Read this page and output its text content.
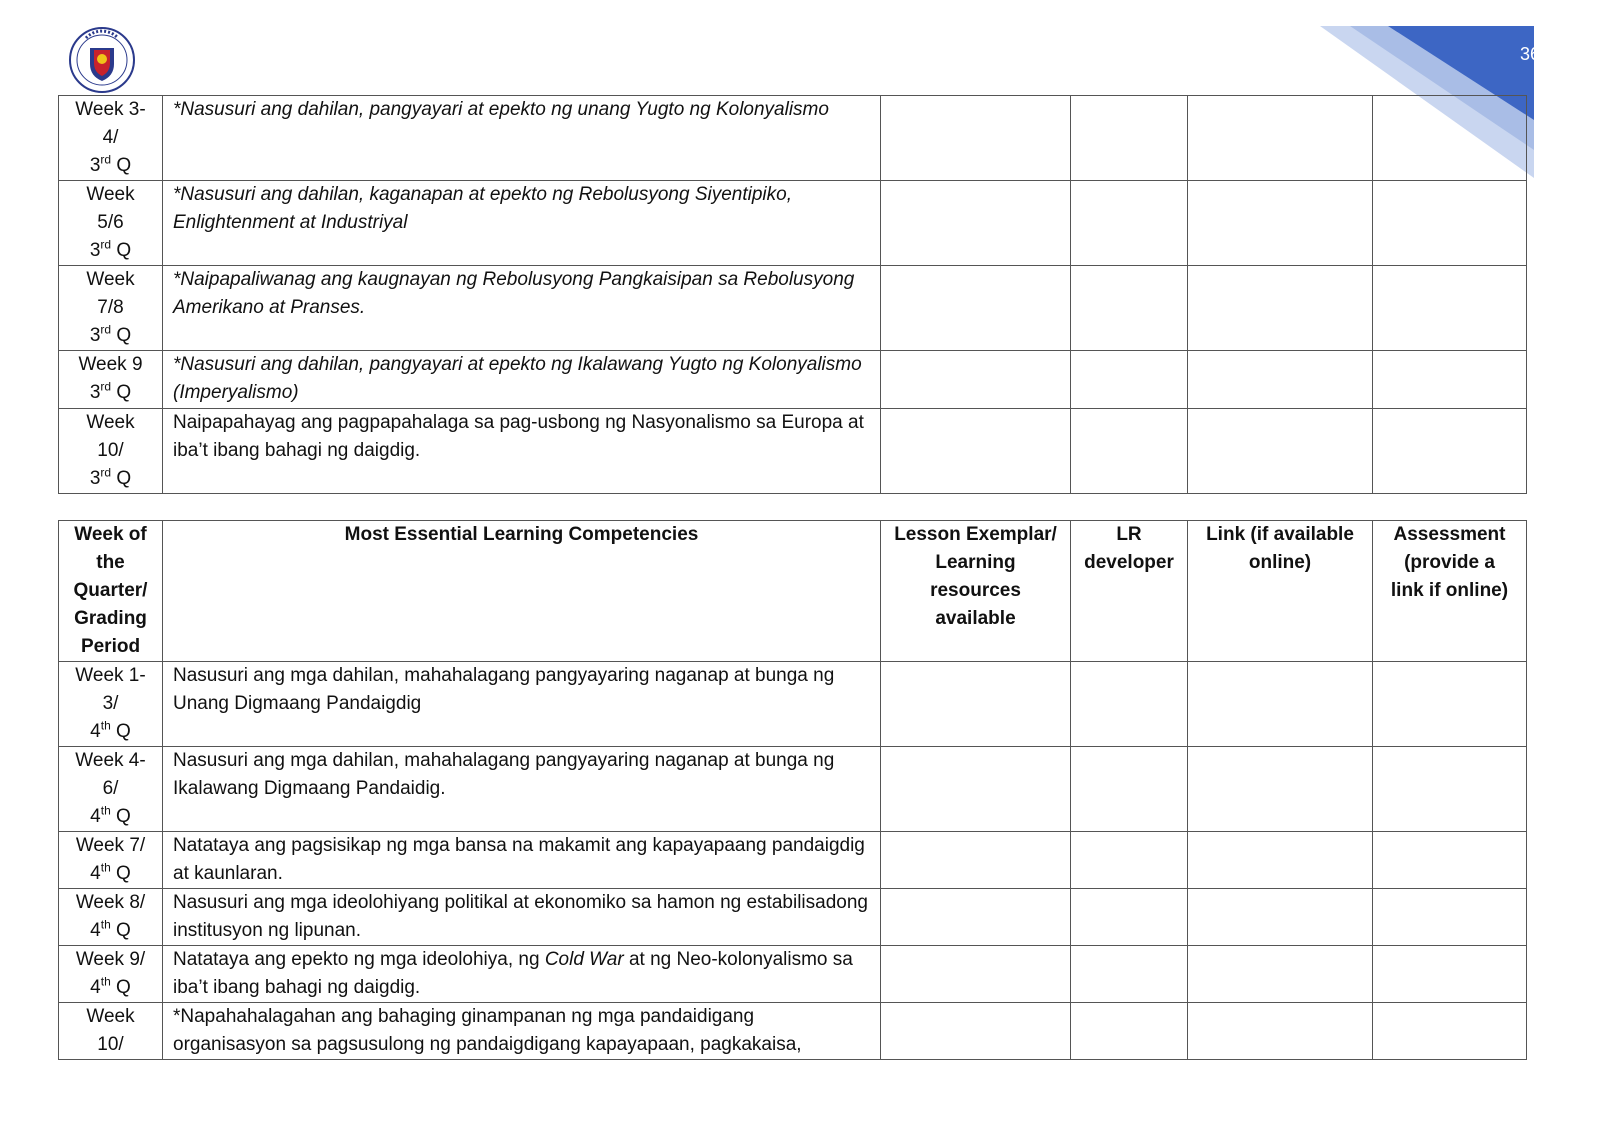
36
Week 3-
4/
3rd Q	*Nasusuri ang dahilan, pangyayari at epekto ng unang Yugto ng Kolonyalismo				

Week
5/6
3rd Q	*Nasusuri ang dahilan, kaganapan at epekto ng Rebolusyong Siyentipiko, Enlightenment at Industriyal				

Week
7/8
3rd Q	*Naipapaliwanag ang kaugnayan ng Rebolusyong Pangkaisipan sa Rebolusyong Amerikano at Pranses.				

Week 9
3rd Q	*Nasusuri ang dahilan, pangyayari at epekto ng Ikalawang Yugto ng Kolonyalismo (Imperyalismo)				

Week
10/
3rd Q	Naipapahayag ang pagpapahalaga sa pag-usbong ng Nasyonalismo sa Europa at iba’t ibang bahagi ng daigdig.				
Week of
the
Quarter/
Grading
Period	Most Essential Learning Competencies	Lesson Exemplar/
Learning
resources
available	LR
developer	Link (if available
online)	Assessment
(provide a
link if online)

Week 1-
3/
4th Q	Nasusuri ang mga dahilan, mahahalagang pangyayaring naganap at bunga ng Unang Digmaang Pandaigdig				

Week 4-
6/
4th Q	Nasusuri ang mga dahilan, mahahalagang pangyayaring naganap at bunga ng Ikalawang Digmaang Pandaidig.				

Week 7/
4th Q	Natataya ang pagsisikap ng mga bansa na makamit ang kapayapaang pandaigdig at kaunlaran.				

Week 8/
4th Q	Nasusuri ang mga ideolohiyang politikal at ekonomiko sa hamon ng estabilisadong institusyon ng lipunan.				

Week 9/
4th Q	Natataya ang epekto ng mga ideolohiya, ng Cold War at ng Neo-kolonyalismo sa iba’t ibang bahagi ng daigdig.				

Week
10/	*Napahahalagahan ang bahaging ginampanan ng mga pandaidigang organisasyon sa pagsusulong ng pandaigdigang kapayapaan, pagkakaisa,				
